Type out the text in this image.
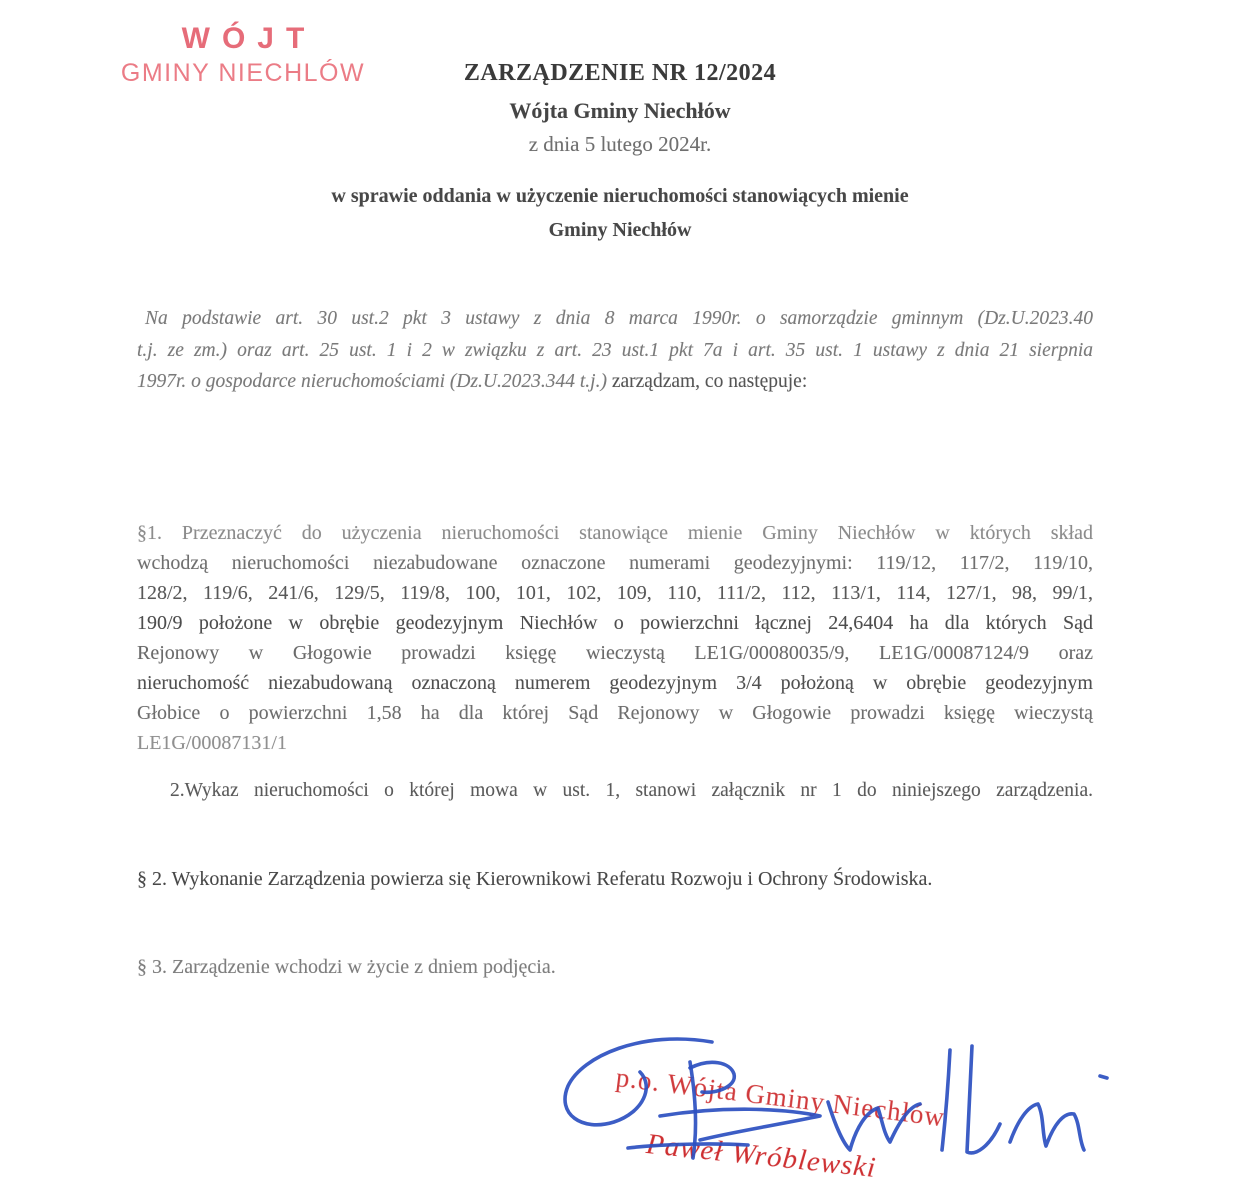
WÓJT
GMINY NIECHLÓW	ZARZĄDZENIE NR 12/2024
Wójta Gminy Niechłów
z dnia 5 lutego 2024r.
w sprawie oddania w użyczenie nieruchomości stanowiących mienie
Gminy Niechłów
Na podstawie art. 30 ust.2 pkt 3 ustawy z dnia 8 marca 1990r. o samorządzie gminnym (Dz.U.2023.40
t.j. ze zm.) oraz art. 25 ust. 1 i 2 w związku z art. 23 ust.1 pkt 7a i art. 35 ust. 1 ustawy z dnia 21 sierpnia
1997r. o gospodarce nieruchomościami (Dz.U.2023.344 t.j.) zarządzam, co następuje:
§1. Przeznaczyć do użyczenia nieruchomości stanowiące mienie Gminy Niechłów w których skład
wchodzą nieruchomości niezabudowane oznaczone numerami geodezyjnymi: 119/12, 117/2, 119/10,
128/2, 119/6, 241/6, 129/5, 119/8, 100, 101, 102, 109, 110, 111/2, 112, 113/1, 114, 127/1, 98, 99/1,
190/9 położone w obrębie geodezyjnym Niechłów o powierzchni łącznej 24,6404 ha dla których Sąd
Rejonowy w Głogowie prowadzi księgę wieczystą LE1G/00080035/9, LE1G/00087124/9 oraz
nieruchomość niezabudowaną oznaczoną numerem geodezyjnym 3/4 położoną w obrębie geodezyjnym
Głobice o powierzchni 1,58 ha dla której Sąd Rejonowy w Głogowie prowadzi księgę wieczystą
LE1G/00087131/1
2.Wykaz nieruchomości o której mowa w ust. 1, stanowi załącznik nr 1 do niniejszego zarządzenia.
§ 2. Wykonanie Zarządzenia powierza się Kierownikowi Referatu Rozwoju i Ochrony Środowiska.
§ 3. Zarządzenie wchodzi w życie z dniem podjęcia.
p.o. Wójta Gminy Niechłów
Paweł Wróblewski
